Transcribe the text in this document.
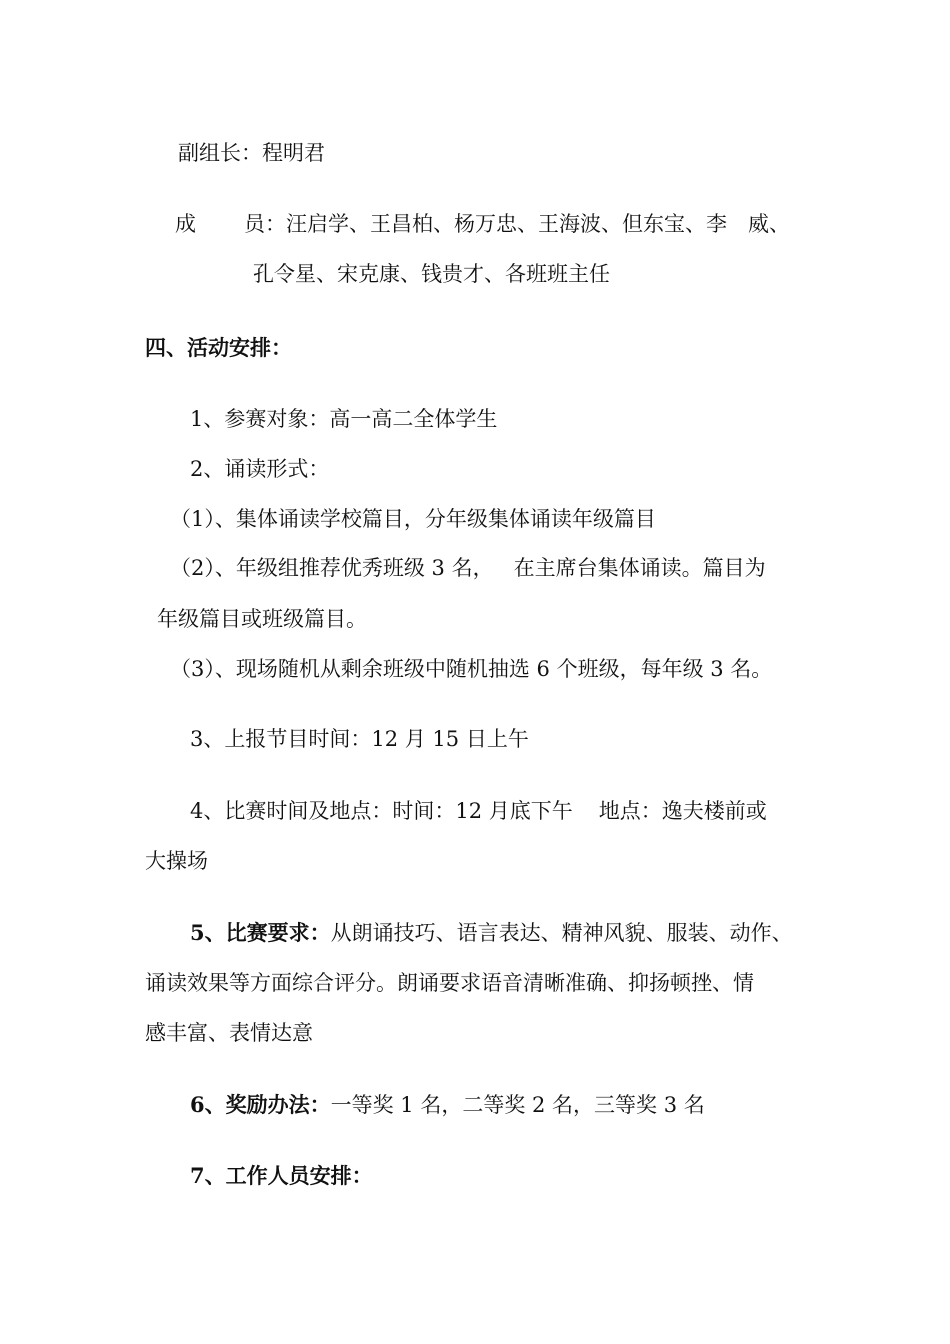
副组长：程明君
成 员：汪启学、王昌柏、杨万忠、王海波、但东宝、李　威、
孔令星、宋克康、钱贵才、各班班主任
四、活动安排：
1、参赛对象：高一高二全体学生
2、诵读形式：
（1）、集体诵读学校篇目，分年级集体诵读年级篇目
（2）、年级组推荐优秀班级 3 名， 在主席台集体诵读。篇目为
年级篇目或班级篇目。
（3）、现场随机从剩余班级中随机抽选 6 个班级，每年级 3 名。
3、上报节目时间：12 月 15 日上午
4、比赛时间及地点：时间：12 月底下午 地点：逸夫楼前或
大操场
5、比赛要求：从朗诵技巧、语言表达、精神风貌、服装、动作、
诵读效果等方面综合评分。朗诵要求语音清晰准确、抑扬顿挫、情
感丰富、表情达意
6、奖励办法：一等奖 1 名，二等奖 2 名，三等奖 3 名
7、工作人员安排：
